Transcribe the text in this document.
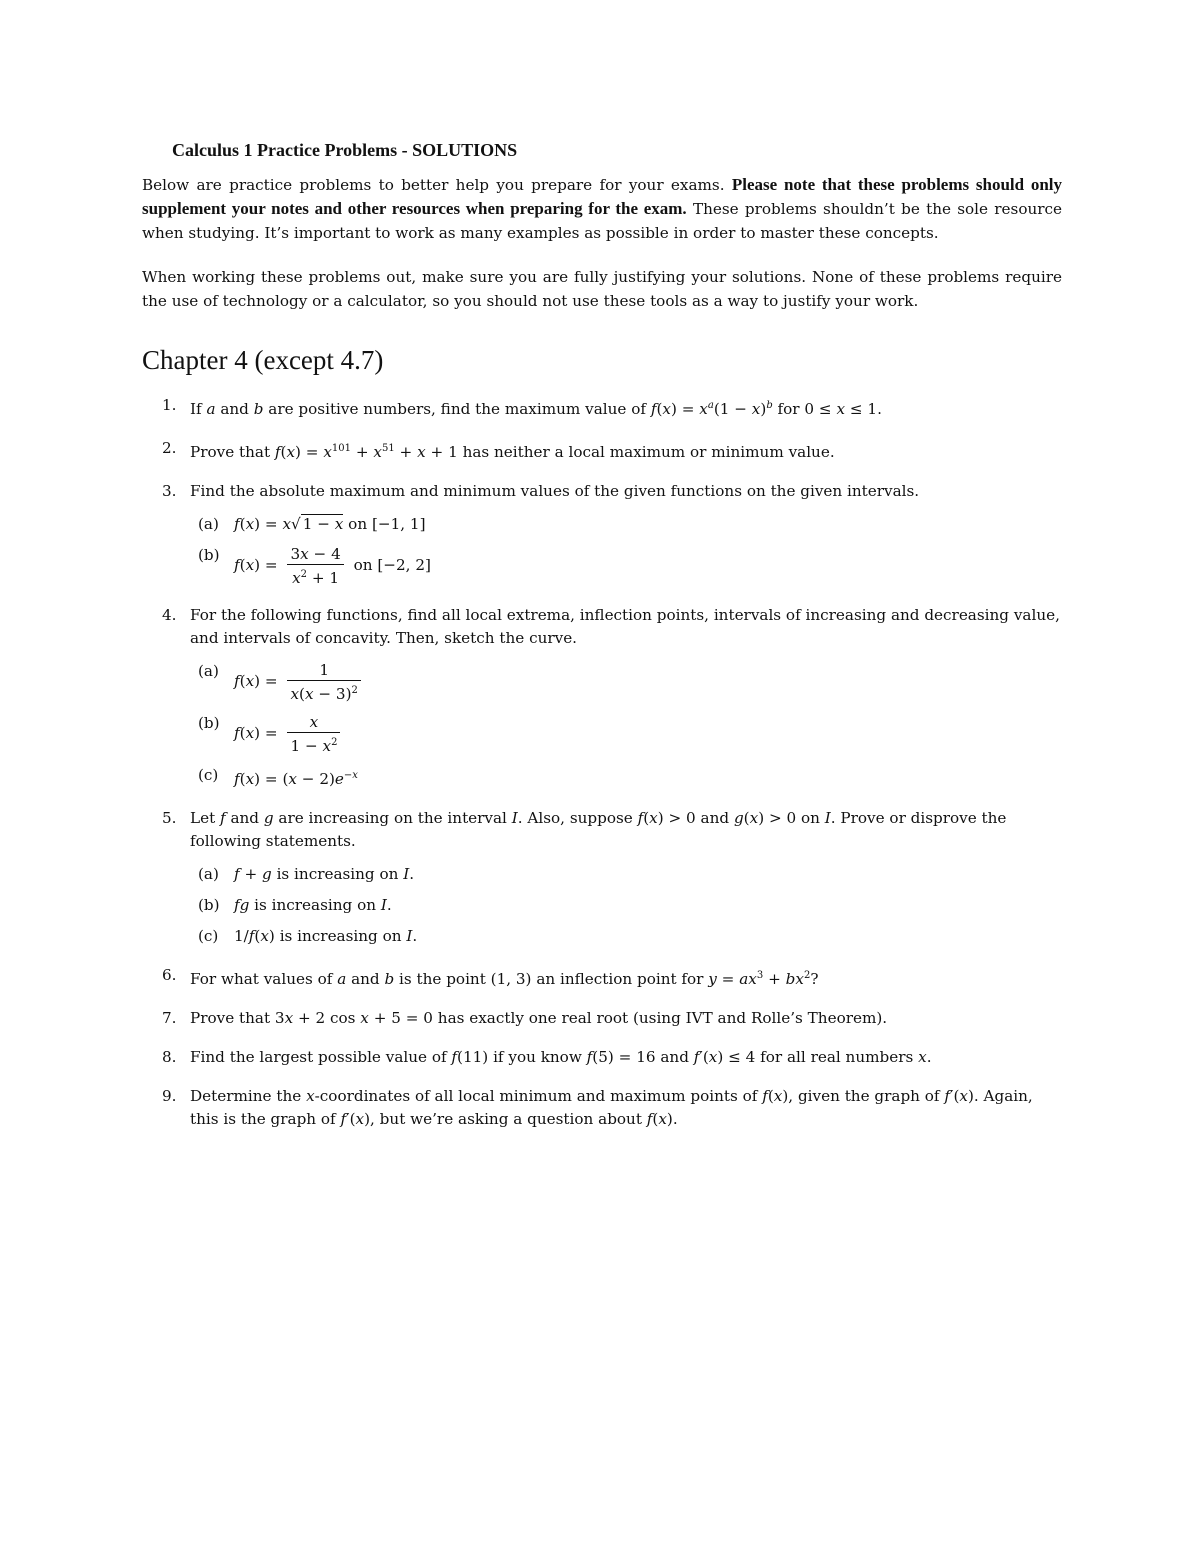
Calculus 1 Practice Problems - SOLUTIONS

Below are practice problems to better help you prepare for your exams. Please note that these problems should only supplement your notes and other resources when preparing for the exam. These problems shouldn’t be the sole resource when studying. It’s important to work as many examples as possible in order to master these concepts.

When working these problems out, make sure you are fully justifying your solutions. None of these problems require the use of technology or a calculator, so you should not use these tools as a way to justify your work.

Chapter 4 (except 4.7)
1. If a and b are positive numbers, find the maximum value of $f(x) = x^a(1 - x)^b$ for 0 ≤ x ≤ 1.
2. Prove that $f(x) = x^{101} + x^{51} + x + 1$ has neither a local maximum or minimum value.
3. Find the absolute maximum and minimum values of the given functions on the given intervals.
(a) f(x) = x√ 1 − x on [−1, 1]
(b)
$f(x) = \frac{3x - 4}{x^2 + 1}$ on [−2, 2]
4. For the following functions, find all local extrema, inflection points, intervals of increasing and decreasing value, and intervals of concavity. Then, sketch the curve.
(a)
$f(x) = \frac{1}{x(x - 3)^2}$
(b)
$f(x) = \frac{x}{1 - x^2}$
(c) $f(x) = (x - 2)e^{-x}$
5. Let f and g are increasing on the interval I. Also, suppose f(x) > 0 and g(x) > 0 on I. Prove or disprove the following statements.
(a) f + g is increasing on I.
(b) fg is increasing on I.
(c) 1/f(x) is increasing on I.
6. For what values of a and b is the point (1, 3) an inflection point for $y = ax^3 + bx^2$?
7. Prove that 3x + 2 cos x + 5 = 0 has exactly one real root (using IVT and Rolle’s Theorem).
8. Find the largest possible value of f(11) if you know f(5) = 16 and f′(x) ≤ 4 for all real numbers x.
9. Determine the x-coordinates of all local minimum and maximum points of f(x), given the graph of f′(x). Again, this is the graph of f′(x), but we’re asking a question about f(x).
